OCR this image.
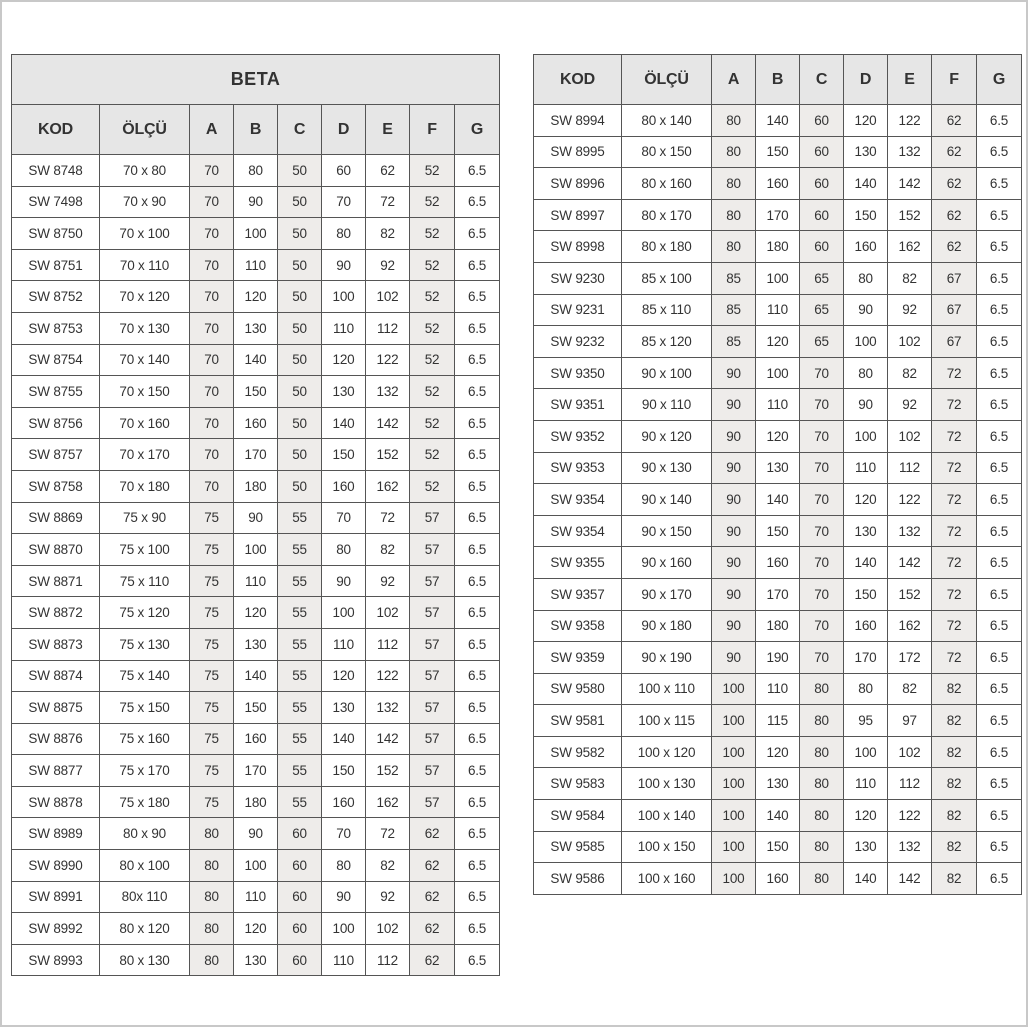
BETA								
KOD	ÖLÇÜ	A	B	C	D	E	F	G
SW 8748	70 x 80	70	80	50	60	62	52	6.5
SW 7498	70 x 90	70	90	50	70	72	52	6.5
SW 8750	70 x 100	70	100	50	80	82	52	6.5
SW 8751	70 x 110	70	110	50	90	92	52	6.5
SW 8752	70 x 120	70	120	50	100	102	52	6.5
SW 8753	70 x 130	70	130	50	110	112	52	6.5
SW 8754	70 x 140	70	140	50	120	122	52	6.5
SW 8755	70 x 150	70	150	50	130	132	52	6.5
SW 8756	70 x 160	70	160	50	140	142	52	6.5
SW 8757	70 x 170	70	170	50	150	152	52	6.5
SW 8758	70 x 180	70	180	50	160	162	52	6.5
SW 8869	75 x 90	75	90	55	70	72	57	6.5
SW 8870	75 x 100	75	100	55	80	82	57	6.5
SW 8871	75 x 110	75	110	55	90	92	57	6.5
SW 8872	75 x 120	75	120	55	100	102	57	6.5
SW 8873	75 x 130	75	130	55	110	112	57	6.5
SW 8874	75 x 140	75	140	55	120	122	57	6.5
SW 8875	75 x 150	75	150	55	130	132	57	6.5
SW 8876	75 x 160	75	160	55	140	142	57	6.5
SW 8877	75 x 170	75	170	55	150	152	57	6.5
SW 8878	75 x 180	75	180	55	160	162	57	6.5
SW 8989	80 x 90	80	90	60	70	72	62	6.5
SW 8990	80 x 100	80	100	60	80	82	62	6.5
SW 8991	80x 110	80	110	60	90	92	62	6.5
SW 8992	80 x 120	80	120	60	100	102	62	6.5
SW 8993	80 x 130	80	130	60	110	112	62	6.5
KOD	ÖLÇÜ	A	B	C	D	E	F	G
SW 8994	80 x 140	80	140	60	120	122	62	6.5
SW 8995	80 x 150	80	150	60	130	132	62	6.5
SW 8996	80 x 160	80	160	60	140	142	62	6.5
SW 8997	80 x 170	80	170	60	150	152	62	6.5
SW 8998	80 x 180	80	180	60	160	162	62	6.5
SW 9230	85 x 100	85	100	65	80	82	67	6.5
SW 9231	85 x 110	85	110	65	90	92	67	6.5
SW 9232	85 x 120	85	120	65	100	102	67	6.5
SW 9350	90 x 100	90	100	70	80	82	72	6.5
SW 9351	90 x 110	90	110	70	90	92	72	6.5
SW 9352	90 x 120	90	120	70	100	102	72	6.5
SW 9353	90 x 130	90	130	70	110	112	72	6.5
SW 9354	90 x 140	90	140	70	120	122	72	6.5
SW 9354	90 x 150	90	150	70	130	132	72	6.5
SW 9355	90 x 160	90	160	70	140	142	72	6.5
SW 9357	90 x 170	90	170	70	150	152	72	6.5
SW 9358	90 x 180	90	180	70	160	162	72	6.5
SW 9359	90 x 190	90	190	70	170	172	72	6.5
SW 9580	100 x 110	100	110	80	80	82	82	6.5
SW 9581	100 x 115	100	115	80	95	97	82	6.5
SW 9582	100 x 120	100	120	80	100	102	82	6.5
SW 9583	100 x 130	100	130	80	110	112	82	6.5
SW 9584	100 x 140	100	140	80	120	122	82	6.5
SW 9585	100 x 150	100	150	80	130	132	82	6.5
SW 9586	100 x 160	100	160	80	140	142	82	6.5
